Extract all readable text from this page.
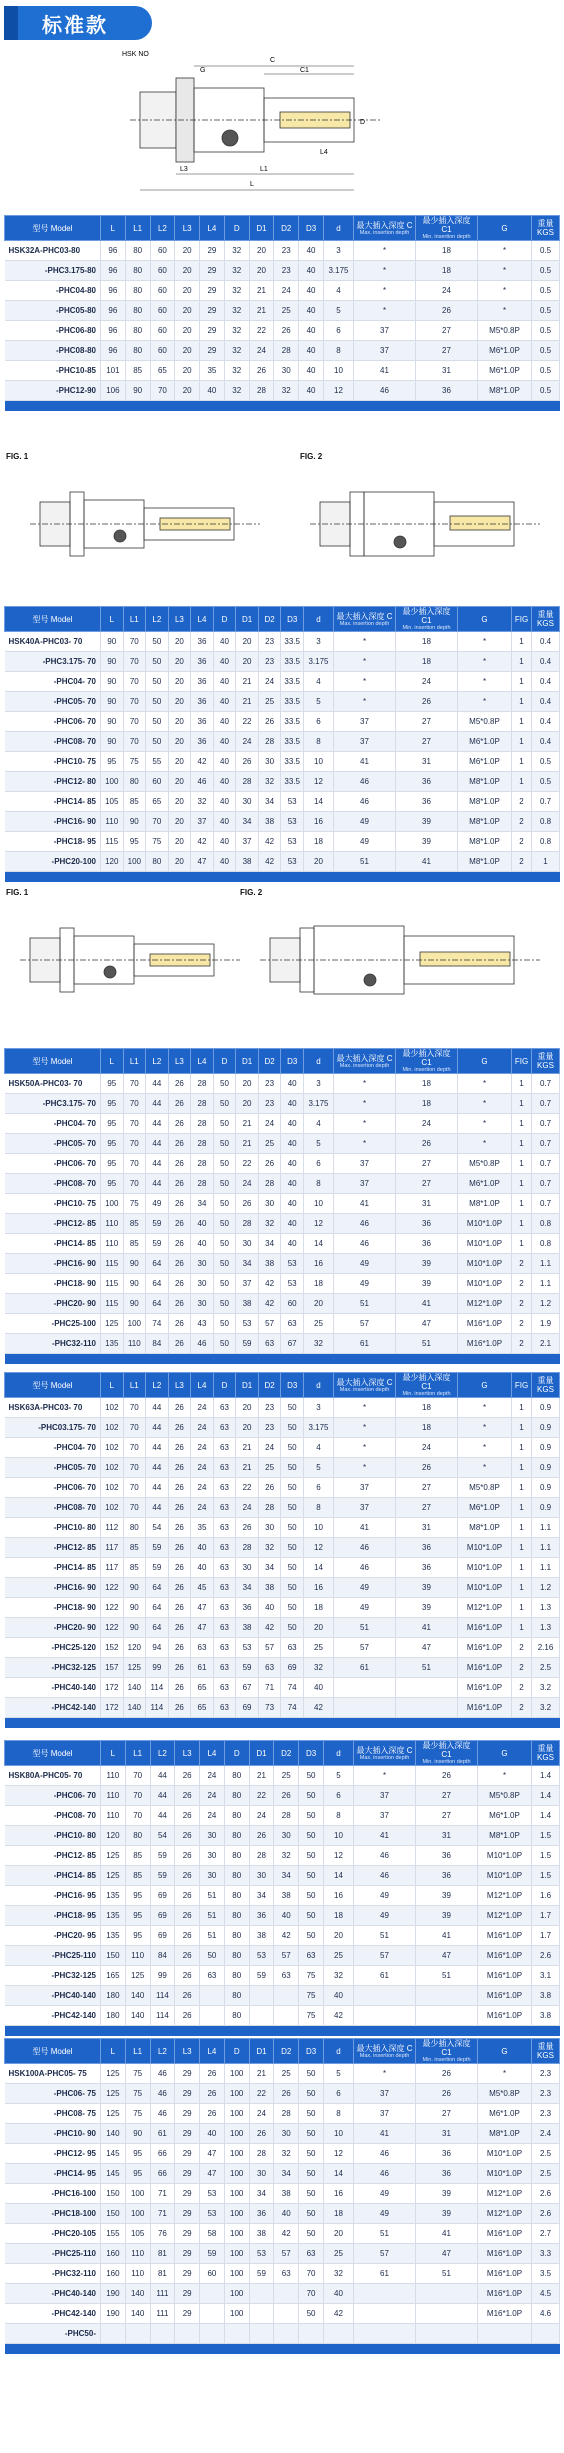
标准款
HSK NO
C
C1
G
L
L1
L3
L4
D
型号 Model	L	L1	L2	L3	L4	D	D1	D2	D3	d	最大插入深度 C
Max. insertion depth	最少插入深度 C1
Min. insertion depth	G	重量 KGS
HSK32A-PHC03-80	96	80	60	20	29	32	20	23	40	3	*	18	*	0.5
-PHC3.175-80	96	80	60	20	29	32	20	23	40	3.175	*	18	*	0.5
-PHC04-80	96	80	60	20	29	32	21	24	40	4	*	24	*	0.5
-PHC05-80	96	80	60	20	29	32	21	25	40	5	*	26	*	0.5
-PHC06-80	96	80	60	20	29	32	22	26	40	6	37	27	M5*0.8P	0.5
-PHC08-80	96	80	60	20	29	32	24	28	40	8	37	27	M6*1.0P	0.5
-PHC10-85	101	85	65	20	35	32	26	30	40	10	41	31	M6*1.0P	0.5
-PHC12-90	106	90	70	20	40	32	28	32	40	12	46	36	M8*1.0P	0.5

FIG. 1	FIG. 2
型号 Model	L	L1	L2	L3	L4	D	D1	D2	D3	d	最大插入深度 C
Max. insertion depth	最少插入深度 C1
Min. insertion depth	G	FIG	重量 KGS
HSK40A-PHC03- 70	90	70	50	20	36	40	20	23	33.5	3	*	18	*	1	0.4
-PHC3.175- 70	90	70	50	20	36	40	20	23	33.5	3.175	*	18	*	1	0.4
-PHC04- 70	90	70	50	20	36	40	21	24	33.5	4	*	24	*	1	0.4
-PHC05- 70	90	70	50	20	36	40	21	25	33.5	5	*	26	*	1	0.4
-PHC06- 70	90	70	50	20	36	40	22	26	33.5	6	37	27	M5*0.8P	1	0.4
-PHC08- 70	90	70	50	20	36	40	24	28	33.5	8	37	27	M6*1.0P	1	0.4
-PHC10- 75	95	75	55	20	42	40	26	30	33.5	10	41	31	M6*1.0P	1	0.5
-PHC12- 80	100	80	60	20	46	40	28	32	33.5	12	46	36	M8*1.0P	1	0.5
-PHC14- 85	105	85	65	20	32	40	30	34	53	14	46	36	M8*1.0P	2	0.7
-PHC16- 90	110	90	70	20	37	40	34	38	53	16	49	39	M8*1.0P	2	0.8
-PHC18- 95	115	95	75	20	42	40	37	42	53	18	49	39	M8*1.0P	2	0.8
-PHC20-100	120	100	80	20	47	40	38	42	53	20	51	41	M8*1.0P	2	1

FIG. 1	FIG. 2
型号 Model	L	L1	L2	L3	L4	D	D1	D2	D3	d	最大插入深度 C
Max. insertion depth	最少插入深度 C1
Min. insertion depth	G	FIG	重量 KGS
HSK50A-PHC03- 70	95	70	44	26	28	50	20	23	40	3	*	18	*	1	0.7
-PHC3.175- 70	95	70	44	26	28	50	20	23	40	3.175	*	18	*	1	0.7
-PHC04- 70	95	70	44	26	28	50	21	24	40	4	*	24	*	1	0.7
-PHC05- 70	95	70	44	26	28	50	21	25	40	5	*	26	*	1	0.7
-PHC06- 70	95	70	44	26	28	50	22	26	40	6	37	27	M5*0.8P	1	0.7
-PHC08- 70	95	70	44	26	28	50	24	28	40	8	37	27	M6*1.0P	1	0.7
-PHC10- 75	100	75	49	26	34	50	26	30	40	10	41	31	M8*1.0P	1	0.7
-PHC12- 85	110	85	59	26	40	50	28	32	40	12	46	36	M10*1.0P	1	0.8
-PHC14- 85	110	85	59	26	40	50	30	34	40	14	46	36	M10*1.0P	1	0.8
-PHC16- 90	115	90	64	26	30	50	34	38	53	16	49	39	M10*1.0P	2	1.1
-PHC18- 90	115	90	64	26	30	50	37	42	53	18	49	39	M10*1.0P	2	1.1
-PHC20- 90	115	90	64	26	30	50	38	42	60	20	51	41	M12*1.0P	2	1.2
-PHC25-100	125	100	74	26	43	50	53	57	63	25	57	47	M16*1.0P	2	1.9
-PHC32-110	135	110	84	26	46	50	59	63	67	32	61	51	M16*1.0P	2	2.1

型号 Model	L	L1	L2	L3	L4	D	D1	D2	D3	d	最大插入深度 C
Max. insertion depth	最少插入深度 C1
Min. insertion depth	G	FIG	重量 KGS
HSK63A-PHC03- 70	102	70	44	26	24	63	20	23	50	3	*	18	*	1	0.9
-PHC03.175- 70	102	70	44	26	24	63	20	23	50	3.175	*	18	*	1	0.9
-PHC04- 70	102	70	44	26	24	63	21	24	50	4	*	24	*	1	0.9
-PHC05- 70	102	70	44	26	24	63	21	25	50	5	*	26	*	1	0.9
-PHC06- 70	102	70	44	26	24	63	22	26	50	6	37	27	M5*0.8P	1	0.9
-PHC08- 70	102	70	44	26	24	63	24	28	50	8	37	27	M6*1.0P	1	0.9
-PHC10- 80	112	80	54	26	35	63	26	30	50	10	41	31	M8*1.0P	1	1.1
-PHC12- 85	117	85	59	26	40	63	28	32	50	12	46	36	M10*1.0P	1	1.1
-PHC14- 85	117	85	59	26	40	63	30	34	50	14	46	36	M10*1.0P	1	1.1
-PHC16- 90	122	90	64	26	45	63	34	38	50	16	49	39	M10*1.0P	1	1.2
-PHC18- 90	122	90	64	26	47	63	36	40	50	18	49	39	M12*1.0P	1	1.3
-PHC20- 90	122	90	64	26	47	63	38	42	50	20	51	41	M16*1.0P	1	1.3
-PHC25-120	152	120	94	26	63	63	53	57	63	25	57	47	M16*1.0P	2	2.16
-PHC32-125	157	125	99	26	61	63	59	63	69	32	61	51	M16*1.0P	2	2.5
-PHC40-140	172	140	114	26	65	63	67	71	74	40			M16*1.0P	2	3.2
-PHC42-140	172	140	114	26	65	63	69	73	74	42			M16*1.0P	2	3.2

型号 Model	L	L1	L2	L3	L4	D	D1	D2	D3	d	最大插入深度 C
Max. insertion depth	最少插入深度 C1
Min. insertion depth	G	重量 KGS
HSK80A-PHC05- 70	110	70	44	26	24	80	21	25	50	5	*	26	*	1.4
-PHC06- 70	110	70	44	26	24	80	22	26	50	6	37	27	M5*0.8P	1.4
-PHC08- 70	110	70	44	26	24	80	24	28	50	8	37	27	M6*1.0P	1.4
-PHC10- 80	120	80	54	26	30	80	26	30	50	10	41	31	M8*1.0P	1.5
-PHC12- 85	125	85	59	26	30	80	28	32	50	12	46	36	M10*1.0P	1.5
-PHC14- 85	125	85	59	26	30	80	30	34	50	14	46	36	M10*1.0P	1.5
-PHC16- 95	135	95	69	26	51	80	34	38	50	16	49	39	M12*1.0P	1.6
-PHC18- 95	135	95	69	26	51	80	36	40	50	18	49	39	M12*1.0P	1.7
-PHC20- 95	135	95	69	26	51	80	38	42	50	20	51	41	M16*1.0P	1.7
-PHC25-110	150	110	84	26	50	80	53	57	63	25	57	47	M16*1.0P	2.6
-PHC32-125	165	125	99	26	63	80	59	63	75	32	61	51	M16*1.0P	3.1
-PHC40-140	180	140	114	26		80			75	40			M16*1.0P	3.8
-PHC42-140	180	140	114	26		80			75	42			M16*1.0P	3.8

型号 Model	L	L1	L2	L3	L4	D	D1	D2	D3	d	最大插入深度 C
Max. insertion depth	最少插入深度 C1
Min. insertion depth	G	重量 KGS
HSK100A-PHC05- 75	125	75	46	29	26	100	21	25	50	5	*	26	*	2.3
-PHC06- 75	125	75	46	29	26	100	22	26	50	6	37	26	M5*0.8P	2.3
-PHC08- 75	125	75	46	29	26	100	24	28	50	8	37	27	M6*1.0P	2.3
-PHC10- 90	140	90	61	29	40	100	26	30	50	10	41	31	M8*1.0P	2.4
-PHC12- 95	145	95	66	29	47	100	28	32	50	12	46	36	M10*1.0P	2.5
-PHC14- 95	145	95	66	29	47	100	30	34	50	14	46	36	M10*1.0P	2.5
-PHC16-100	150	100	71	29	53	100	34	38	50	16	49	39	M12*1.0P	2.6
-PHC18-100	150	100	71	29	53	100	36	40	50	18	49	39	M12*1.0P	2.6
-PHC20-105	155	105	76	29	58	100	38	42	50	20	51	41	M16*1.0P	2.7
-PHC25-110	160	110	81	29	59	100	53	57	63	25	57	47	M16*1.0P	3.3
-PHC32-110	160	110	81	29	60	100	59	63	70	32	61	51	M16*1.0P	3.5
-PHC40-140	190	140	111	29		100			70	40			M16*1.0P	4.5
-PHC42-140	190	140	111	29		100			50	42			M16*1.0P	4.6
-PHC50-														
